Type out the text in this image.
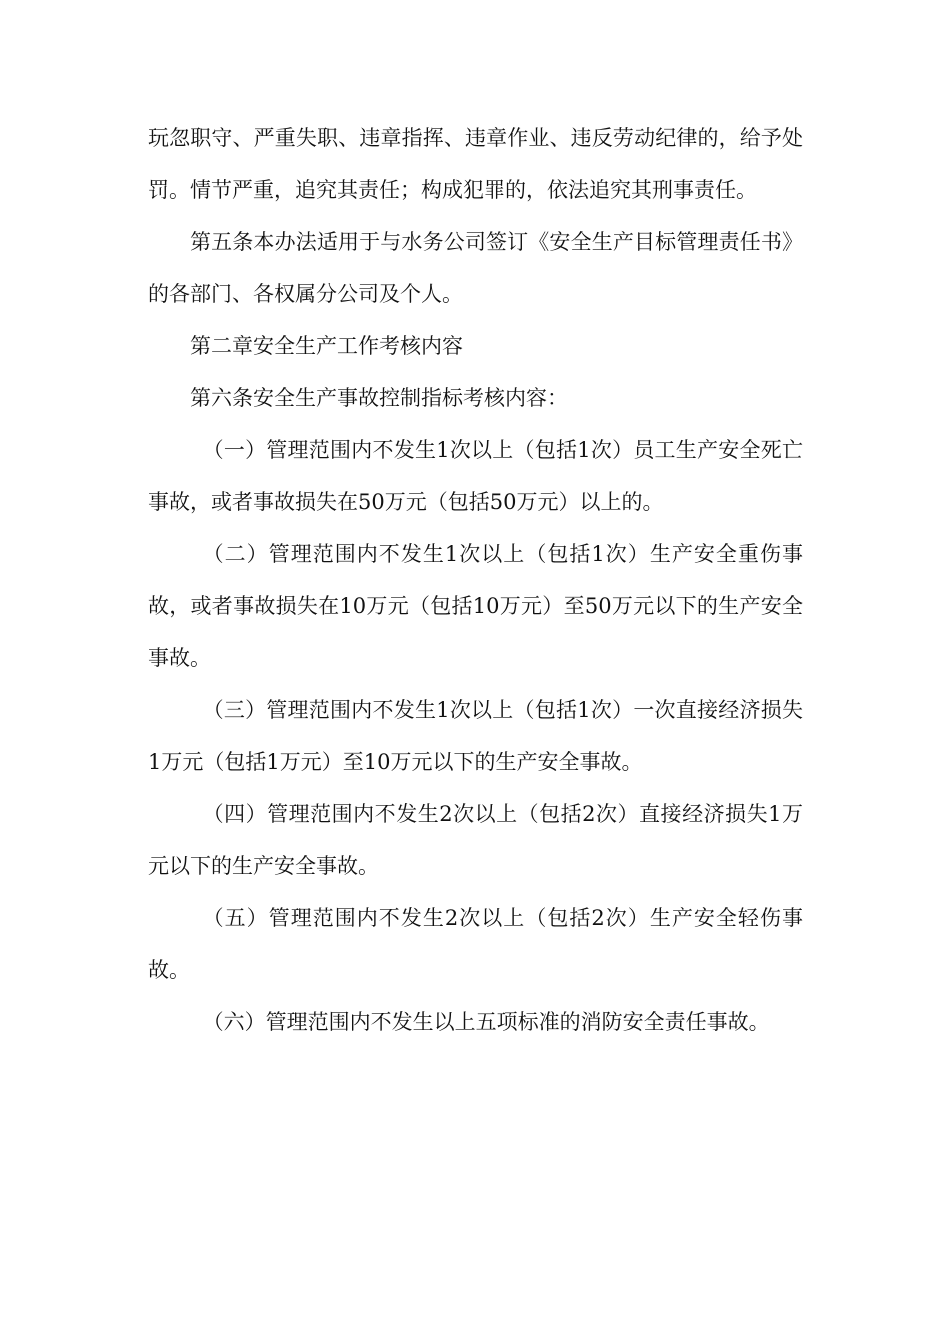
玩忽职守、严重失职、违章指挥、违章作业、违反劳动纪律的，给予处罚。情节严重，追究其责任；构成犯罪的，依法追究其刑事责任。

第五条本办法适用于与水务公司签订《安全生产目标管理责任书》的各部门、各权属分公司及个人。

第二章安全生产工作考核内容

第六条安全生产事故控制指标考核内容：

（一）管理范围内不发生1次以上（包括1次）员工生产安全死亡事故，或者事故损失在50万元（包括50万元）以上的。

（二）管理范围内不发生1次以上（包括1次）生产安全重伤事故，或者事故损失在10万元（包括10万元）至50万元以下的生产安全事故。

（三）管理范围内不发生1次以上（包括1次）一次直接经济损失1万元（包括1万元）至10万元以下的生产安全事故。

（四）管理范围内不发生2次以上（包括2次）直接经济损失1万元以下的生产安全事故。

（五）管理范围内不发生2次以上（包括2次）生产安全轻伤事故。

（六）管理范围内不发生以上五项标准的消防安全责任事故。
